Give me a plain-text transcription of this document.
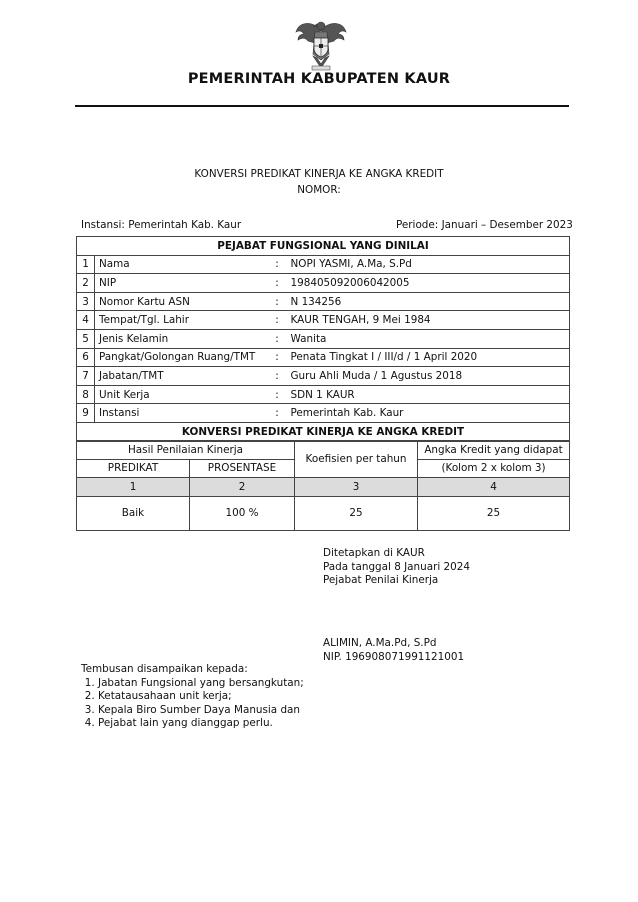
PEMERINTAH KABUPATEN KAUR
KONVERSI PREDIKAT KINERJA KE ANGKA KREDIT
NOMOR:
Instansi: Pemerintah Kab. Kaur	Periode: Januari – Desember 2023
PEJABAT FUNGSIONAL YANG DINILAI			
1	Nama	:	NOPI YASMI, A.Ma, S.Pd
2	NIP	:	198405092006042005
3	Nomor Kartu ASN	:	N 134256
4	Tempat/Tgl. Lahir	:	KAUR TENGAH, 9 Mei 1984
5	Jenis Kelamin	:	Wanita
6	Pangkat/Golongan Ruang/TMT	:	Penata Tingkat I / III/d / 1 April 2020
7	Jabatan/TMT	:	Guru Ahli Muda / 1 Agustus 2018
8	Unit Kerja	:	SDN 1 KAUR
9	Instansi	:	Pemerintah Kab. Kaur
KONVERSI PREDIKAT KINERJA KE ANGKA KREDIT			
Hasil Penilaian Kinerja		Koefisien per tahun	Angka Kredit yang didapat
PREDIKAT	PROSENTASE		(Kolom 2 x kolom 3)
1	2	3	4
Baik	100 %	25	25
Ditetapkan di KAUR
Pada tanggal 8 Januari 2024
Pejabat Penilai Kinerja
ALIMIN, A.Ma.Pd, S.Pd
NIP. 196908071991121001
Tembusan disampaikan kepada:
1. Jabatan Fungsional yang bersangkutan;
2. Ketatausahaan unit kerja;
3. Kepala Biro Sumber Daya Manusia dan
4. Pejabat lain yang dianggap perlu.
